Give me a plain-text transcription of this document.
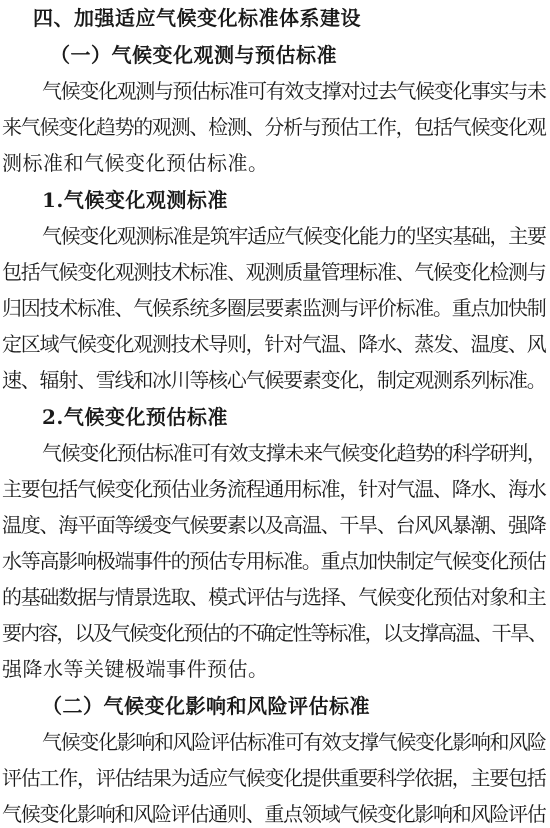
四、加强适应气候变化标准体系建设
（一）气候变化观测与预估标准
气候变化观测与预估标准可有效支撑对过去气候变化事实与未
来气候变化趋势的观测、检测、分析与预估工作，包括气候变化观
测标准和气候变化预估标准。
1.气候变化观测标准
气候变化观测标准是筑牢适应气候变化能力的坚实基础，主要
包括气候变化观测技术标准、观测质量管理标准、气候变化检测与
归因技术标准、气候系统多圈层要素监测与评价标准。重点加快制
定区域气候变化观测技术导则，针对气温、降水、蒸发、温度、风
速、辐射、雪线和冰川等核心气候要素变化，制定观测系列标准。
2.气候变化预估标准
气候变化预估标准可有效支撑未来气候变化趋势的科学研判，
主要包括气候变化预估业务流程通用标准，针对气温、降水、海水
温度、海平面等缓变气候要素以及高温、干旱、台风风暴潮、强降
水等高影响极端事件的预估专用标准。重点加快制定气候变化预估
的基础数据与情景选取、模式评估与选择、气候变化预估对象和主
要内容，以及气候变化预估的不确定性等标准，以支撑高温、干旱、
强降水等关键极端事件预估。
（二）气候变化影响和风险评估标准
气候变化影响和风险评估标准可有效支撑气候变化影响和风险
评估工作，评估结果为适应气候变化提供重要科学依据，主要包括
气候变化影响和风险评估通则、重点领域气候变化影响和风险评估
